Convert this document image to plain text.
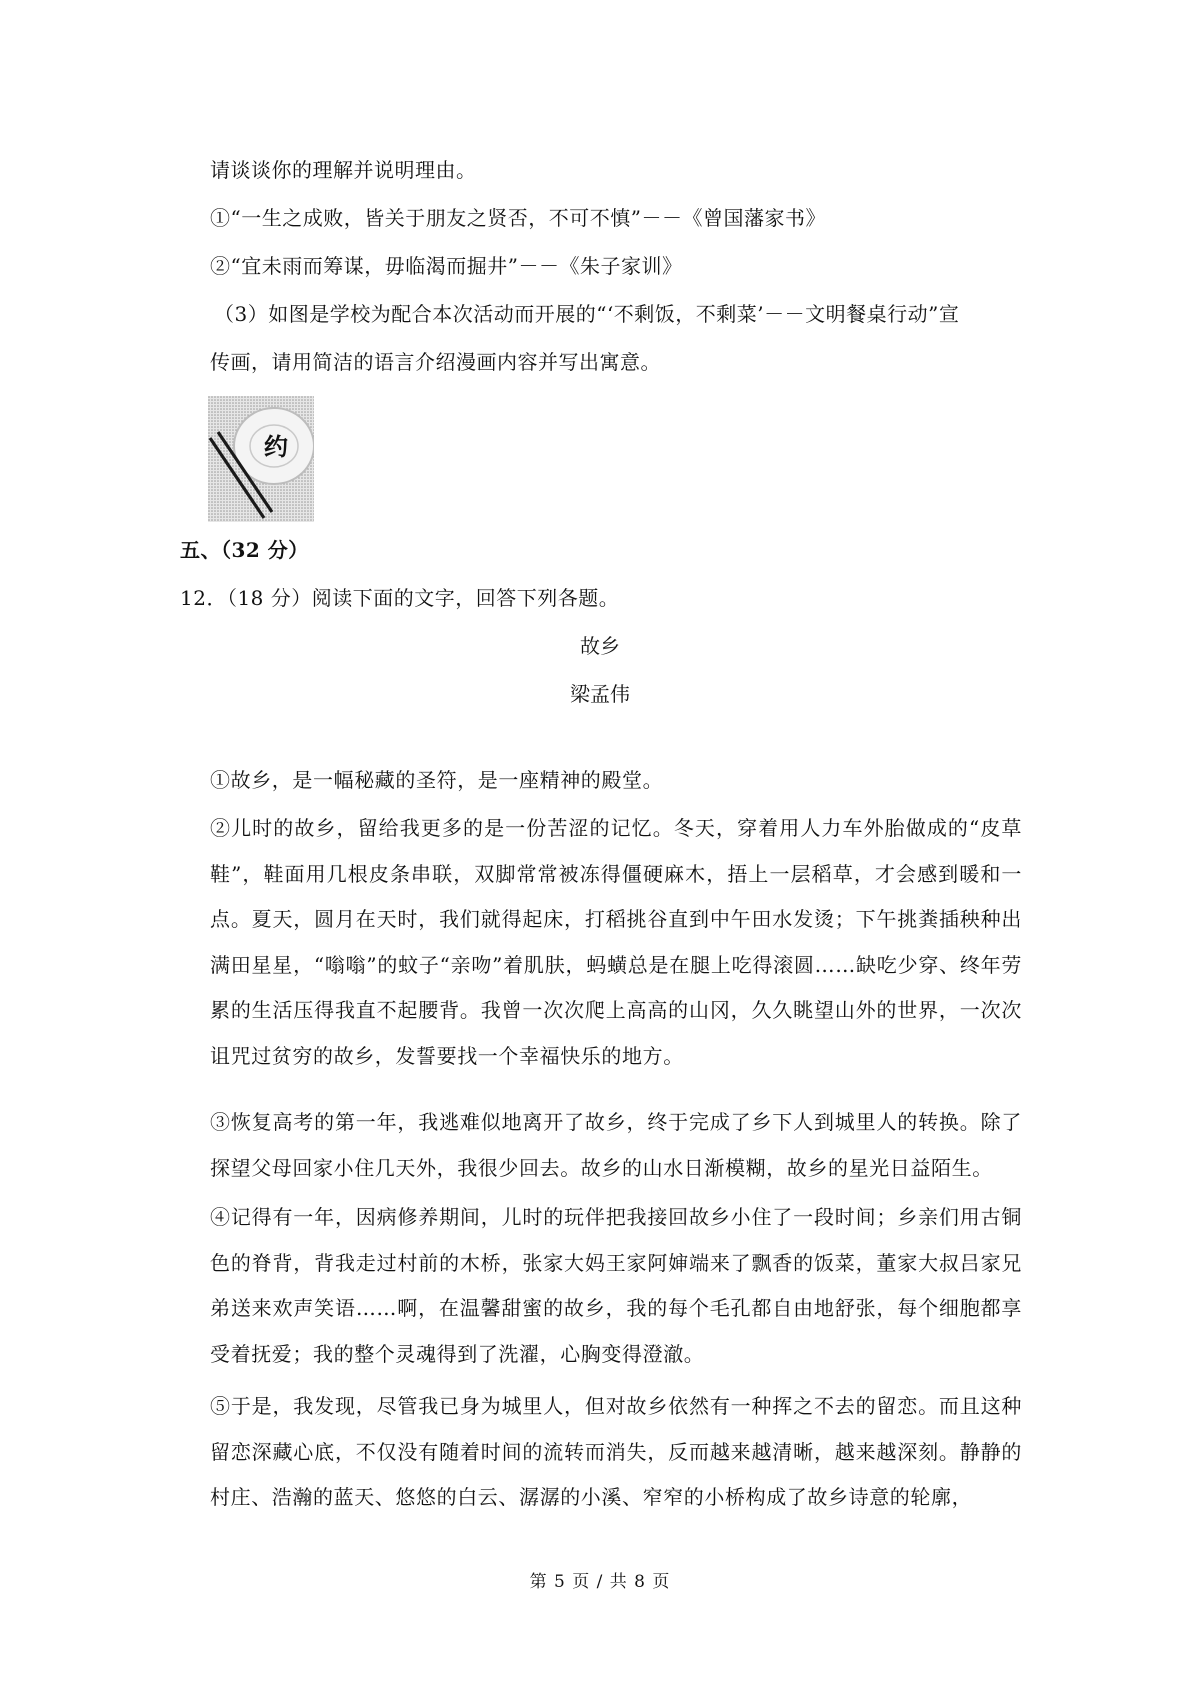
请谈谈你的理解并说明理由。
①“一生之成败，皆关于朋友之贤否，不可不慎”－－《曾国藩家书》
②“宜未雨而筹谋，毋临渴而掘井”－－《朱子家训》
（3）如图是学校为配合本次活动而开展的“‘不剩饭，不剩菜’－－文明餐桌行动”宣
传画，请用简洁的语言介绍漫画内容并写出寓意。
约
五、（32 分）
12．（18 分）阅读下面的文字，回答下列各题。
故乡
梁孟伟
①故乡，是一幅秘藏的圣符，是一座精神的殿堂。
②儿时的故乡，留给我更多的是一份苦涩的记忆。冬天，穿着用人力车外胎做成的“皮草鞋”，鞋面用几根皮条串联，双脚常常被冻得僵硬麻木，捂上一层稻草，才会感到暖和一点。夏天，圆月在天时，我们就得起床，打稻挑谷直到中午田水发烫；下午挑粪插秧种出满田星星，“嗡嗡”的蚊子“亲吻”着肌肤，蚂蟥总是在腿上吃得滚圆……缺吃少穿、终年劳累的生活压得我直不起腰背。我曾一次次爬上高高的山冈，久久眺望山外的世界，一次次诅咒过贫穷的故乡，发誓要找一个幸福快乐的地方。
③恢复高考的第一年，我逃难似地离开了故乡，终于完成了乡下人到城里人的转换。除了探望父母回家小住几天外，我很少回去。故乡的山水日渐模糊，故乡的星光日益陌生。
④记得有一年，因病修养期间，儿时的玩伴把我接回故乡小住了一段时间；乡亲们用古铜色的脊背，背我走过村前的木桥，张家大妈王家阿婶端来了飘香的饭菜，董家大叔吕家兄弟送来欢声笑语……啊，在温馨甜蜜的故乡，我的每个毛孔都自由地舒张，每个细胞都享受着抚爱；我的整个灵魂得到了洗濯，心胸变得澄澈。
⑤于是，我发现，尽管我已身为城里人，但对故乡依然有一种挥之不去的留恋。而且这种留恋深藏心底，不仅没有随着时间的流转而消失，反而越来越清晰，越来越深刻。静静的村庄、浩瀚的蓝天、悠悠的白云、潺潺的小溪、窄窄的小桥构成了故乡诗意的轮廓，
第 5 页 / 共 8 页
